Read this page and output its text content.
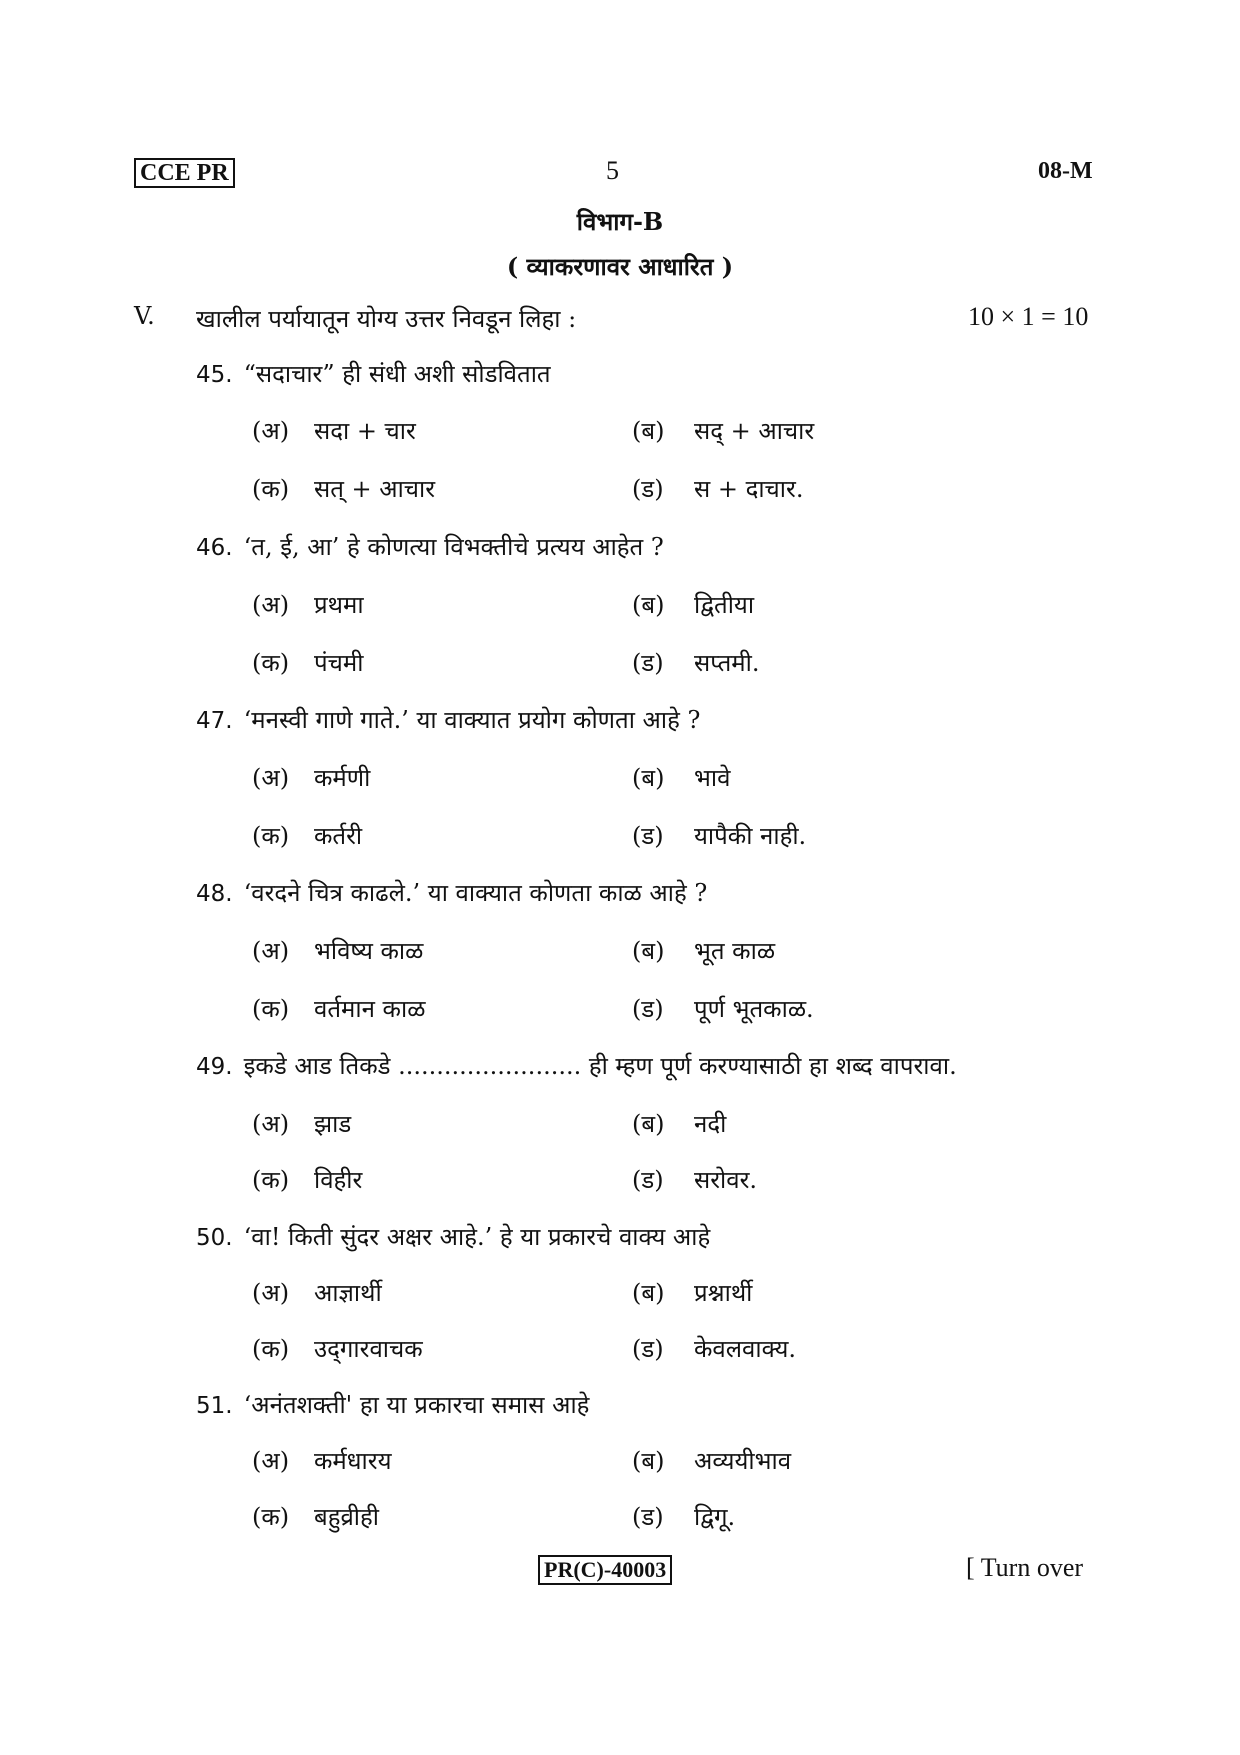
CCE PR	5	08-M
विभाग-B
( व्याकरणावर आधारित )
V. खालील पर्यायातून योग्य उत्तर निवडून लिहा :	10 × 1 = 10
45. “सदाचार” ही संधी अशी सोडवितात
(अ) सदा + चार	(ब) सद् + आचार
(क) सत् + आचार	(ड) स + दाचार.
46. ‘त, ई, आ’ हे कोणत्या विभक्तीचे प्रत्यय आहेत ?
(अ) प्रथमा	(ब) द्वितीया
(क) पंचमी	(ड) सप्तमी.
47. ‘मनस्वी गाणे गाते.’ या वाक्यात प्रयोग कोणता आहे ?
(अ) कर्मणी	(ब) भावे
(क) कर्तरी	(ड) यापैकी नाही.
48. ‘वरदने चित्र काढले.’ या वाक्यात कोणता काळ आहे ?
(अ) भविष्य काळ	(ब) भूत काळ
(क) वर्तमान काळ	(ड) पूर्ण भूतकाळ.
49. इकडे आड तिकडे ........................ ही म्हण पूर्ण करण्यासाठी हा शब्द वापरावा.
(अ) झाड	(ब) नदी
(क) विहीर	(ड) सरोवर.
50. ‘वा! किती सुंदर अक्षर आहे.’ हे या प्रकारचे वाक्य आहे
(अ) आज्ञार्थी	(ब) प्रश्नार्थी
(क) उद्‌गारवाचक	(ड) केवलवाक्य.
51. ‘अनंतशक्ती' हा या प्रकारचा समास आहे
(अ) कर्मधारय	(ब) अव्ययीभाव
(क) बहुव्रीही	(ड) द्विगू.
PR(C)-40003	[ Turn over
